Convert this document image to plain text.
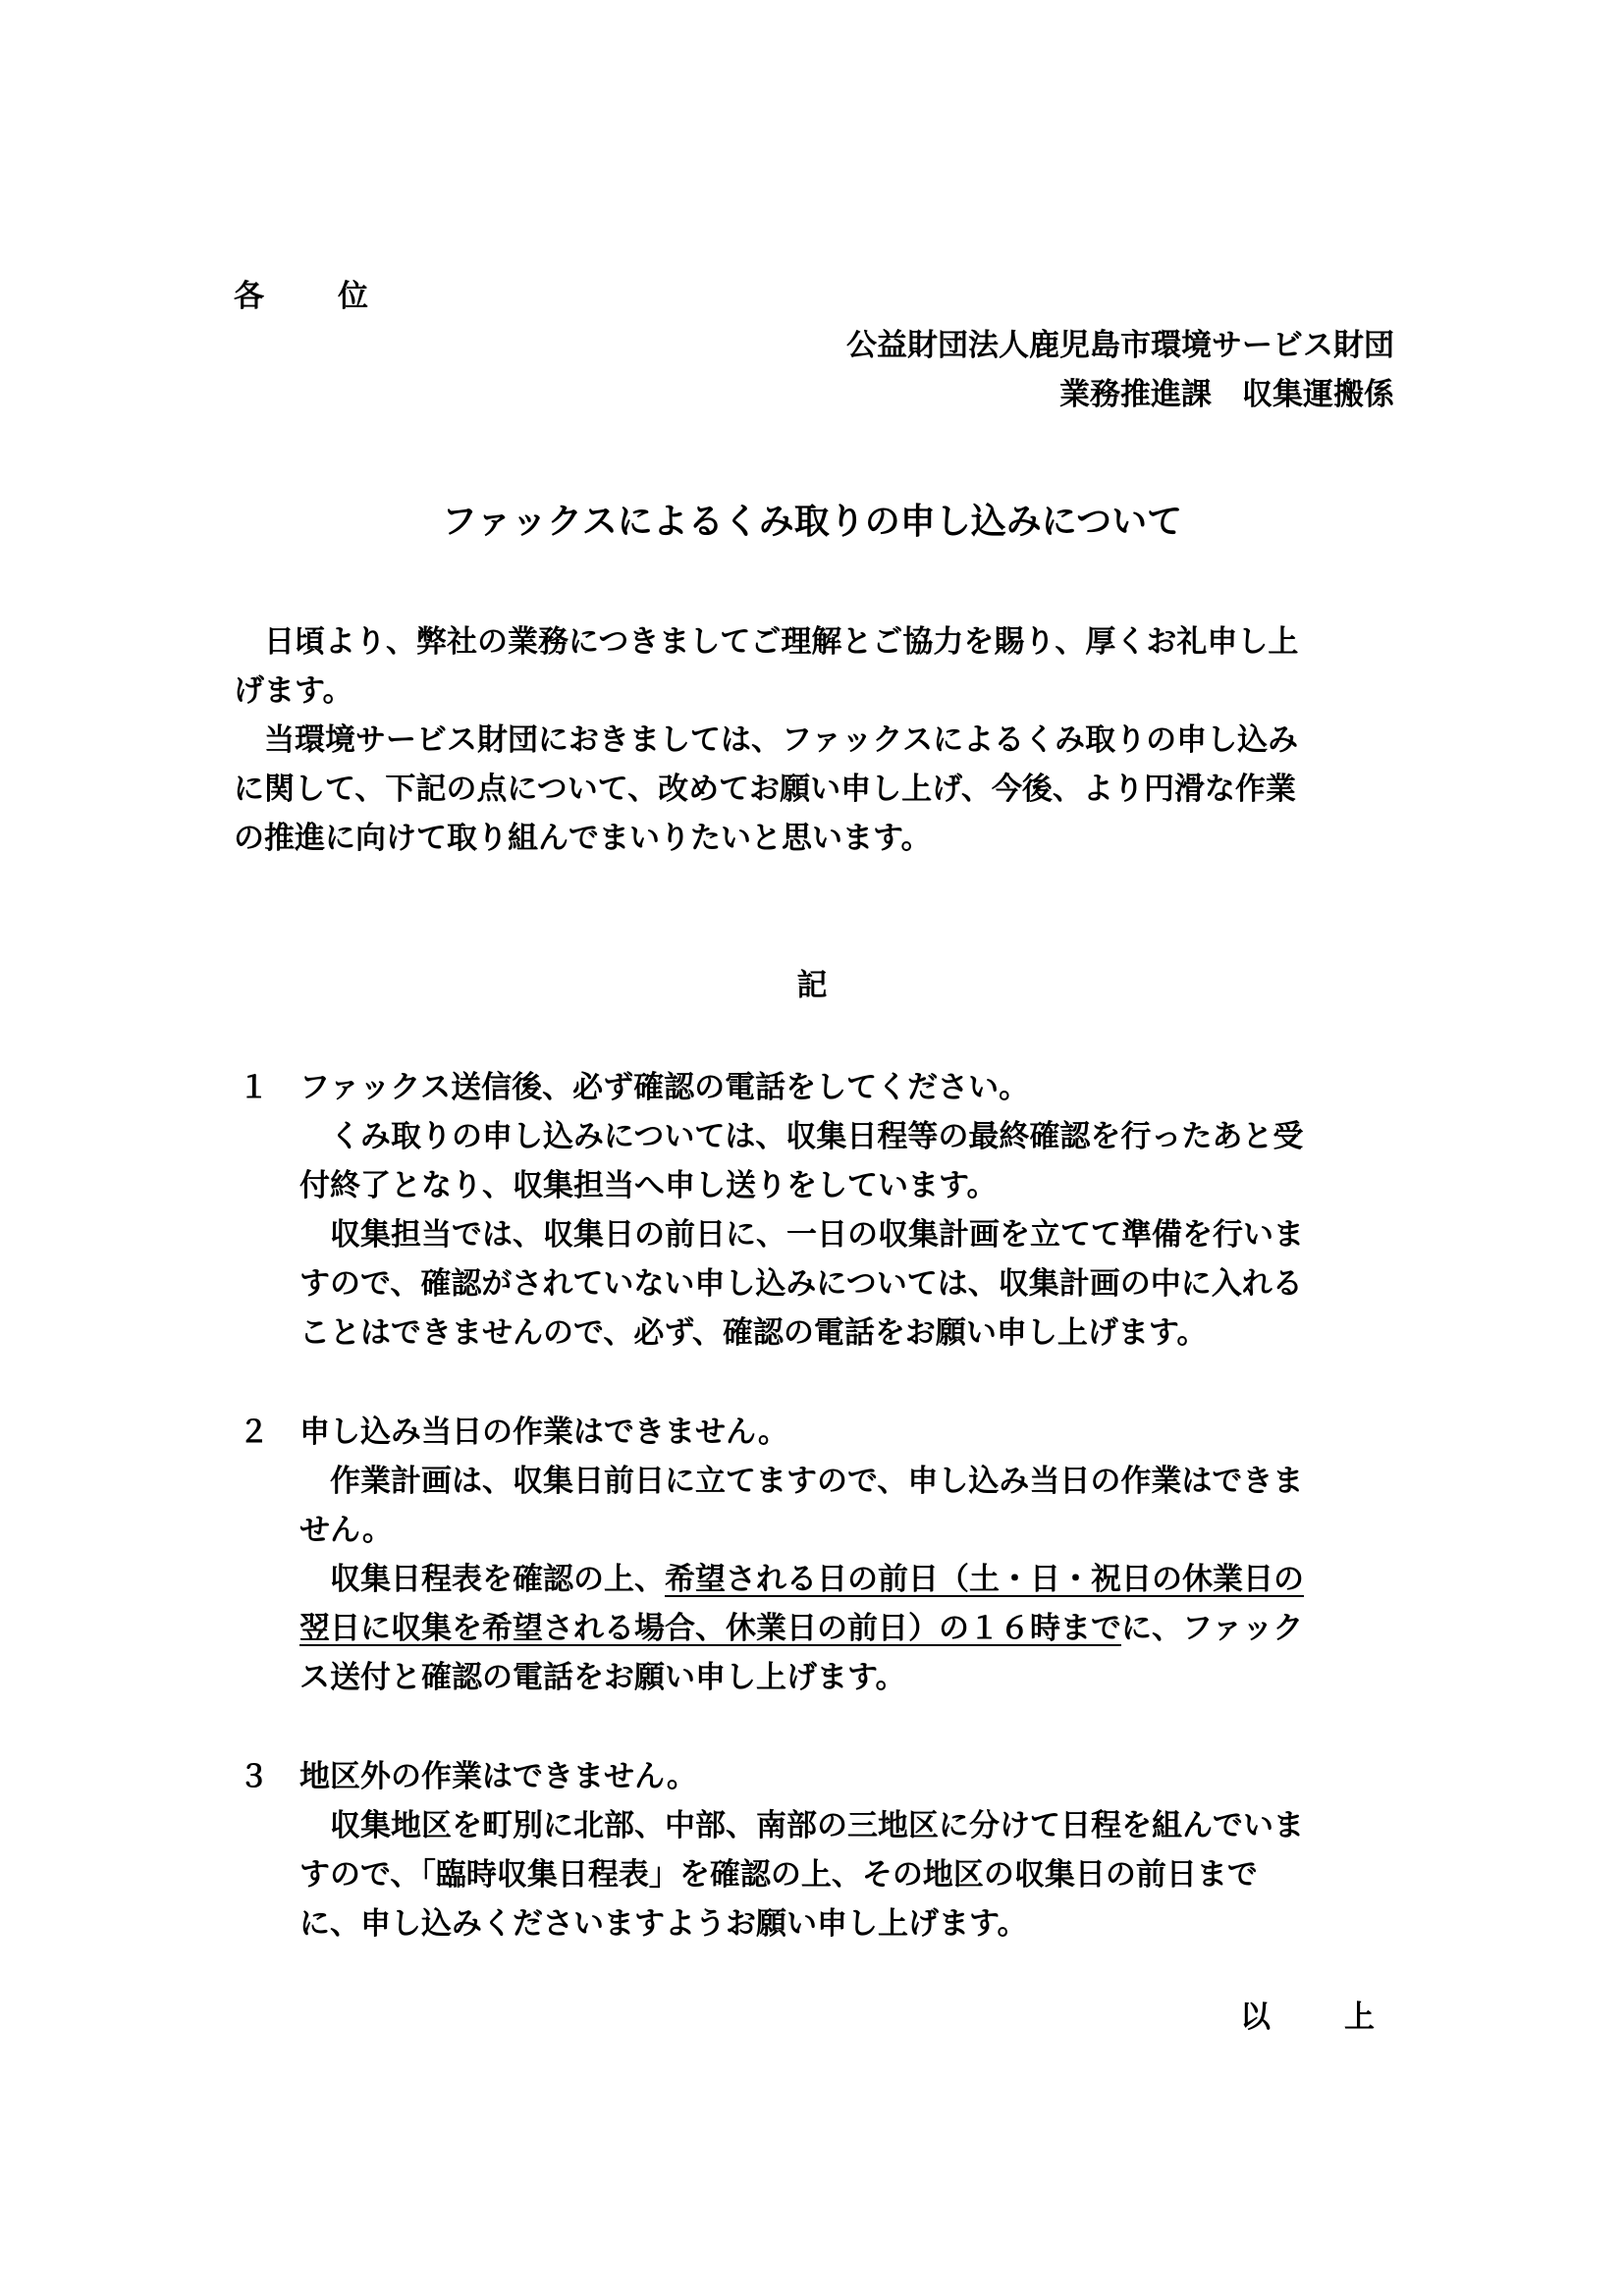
各　位
公益財団法人鹿児島市環境サービス財団
業務推進課　収集運搬係
ファックスによるくみ取りの申し込みについて
　日頃より、弊社の業務につきましてご理解とご協力を賜り、厚くお礼申し上
げます。
　当環境サービス財団におきましては、ファックスによるくみ取りの申し込み
に関して、下記の点について、改めてお願い申し上げ、今後、より円滑な作業
の推進に向けて取り組んでまいりたいと思います。
記
１ ファックス送信後、必ず確認の電話をしてください。
　くみ取りの申し込みについては、収集日程等の最終確認を行ったあと受
付終了となり、収集担当へ申し送りをしています。
　収集担当では、収集日の前日に、一日の収集計画を立てて準備を行いま
すので、確認がされていない申し込みについては、収集計画の中に入れる
ことはできませんので、必ず、確認の電話をお願い申し上げます。
２ 申し込み当日の作業はできません。
　作業計画は、収集日前日に立てますので、申し込み当日の作業はできま
せん。
　収集日程表を確認の上、希望される日の前日（土・日・祝日の休業日の
翌日に収集を希望される場合、休業日の前日）の１６時までに、ファック
ス送付と確認の電話をお願い申し上げます。
３ 地区外の作業はできません。
　収集地区を町別に北部、中部、南部の三地区に分けて日程を組んでいま
すので、「臨時収集日程表」を確認の上、その地区の収集日の前日まで
に、申し込みくださいますようお願い申し上げます。
以　上
